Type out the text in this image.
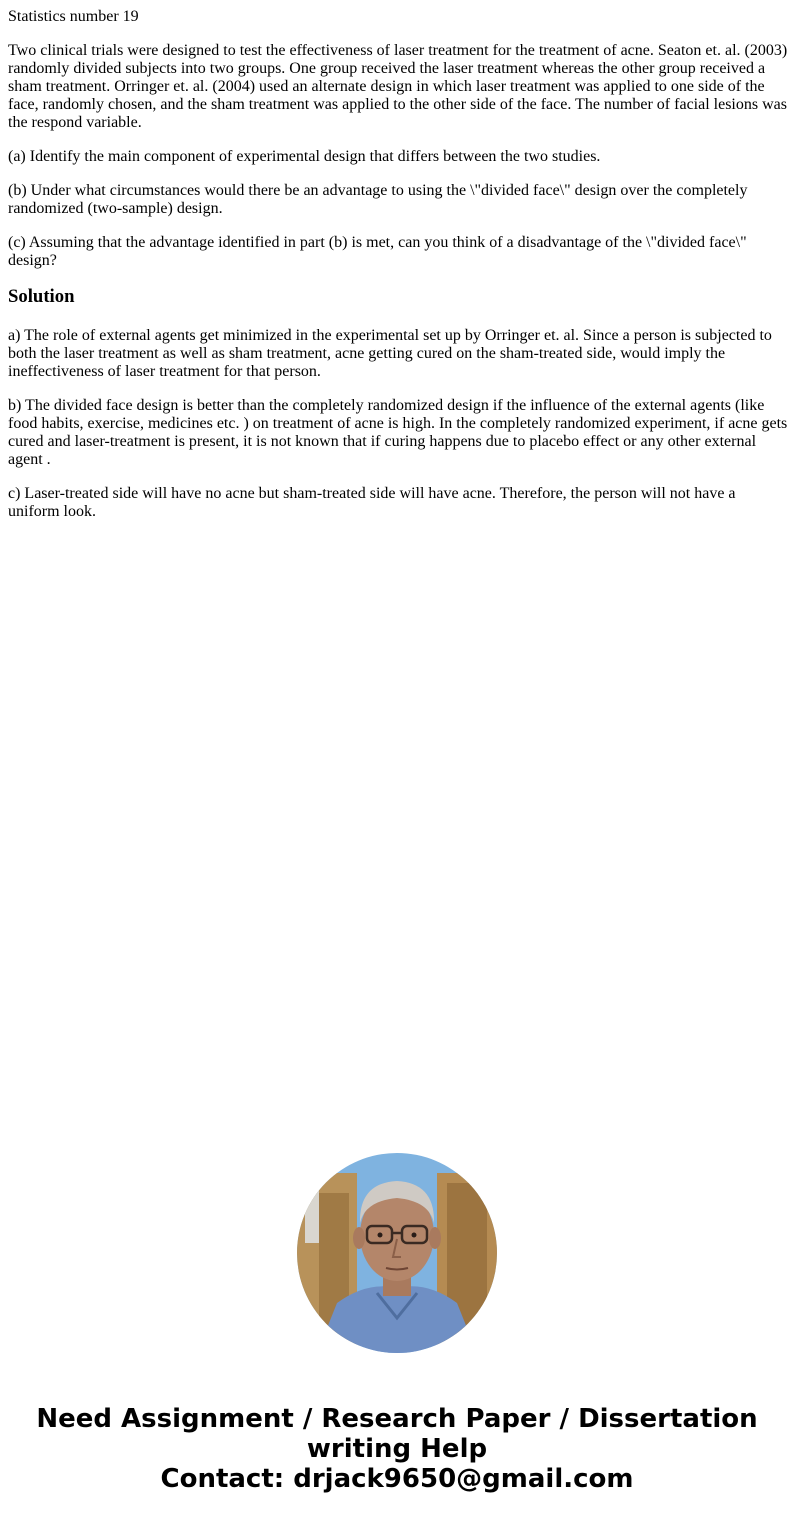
Statistics number 19

Two clinical trials were designed to test the effectiveness of laser treatment for the treatment of acne. Seaton et. al. (2003) randomly divided subjects into two groups. One group received the laser treatment whereas the other group received a sham treatment. Orringer et. al. (2004) used an alternate design in which laser treatment was applied to one side of the face, randomly chosen, and the sham treatment was applied to the other side of the face. The number of facial lesions was the respond variable.

(a) Identify the main component of experimental design that differs between the two studies.

(b) Under what circumstances would there be an advantage to using the \"divided face\" design over the completely randomized (two-sample) design.

(c) Assuming that the advantage identified in part (b) is met, can you think of a disadvantage of the \"divided face\" design?

Solution

a) The role of external agents get minimized in the experimental set up by Orringer et. al. Since a person is subjected to both the laser treatment as well as sham treatment, acne getting cured on the sham-treated side, would imply the ineffectiveness of laser treatment for that person.

b) The divided face design is better than the completely randomized design if the influence of the external agents (like food habits, exercise, medicines etc. ) on treatment of acne is high. In the completely randomized experiment, if acne gets cured and laser-treatment is present, it is not known that if curing happens due to placebo effect or any other external agent .

c) Laser-treated side will have no acne but sham-treated side will have acne. Therefore, the person will not have a uniform look.

Need Assignment / Research Paper / Dissertation writing Help
Contact: drjack9650@gmail.com
